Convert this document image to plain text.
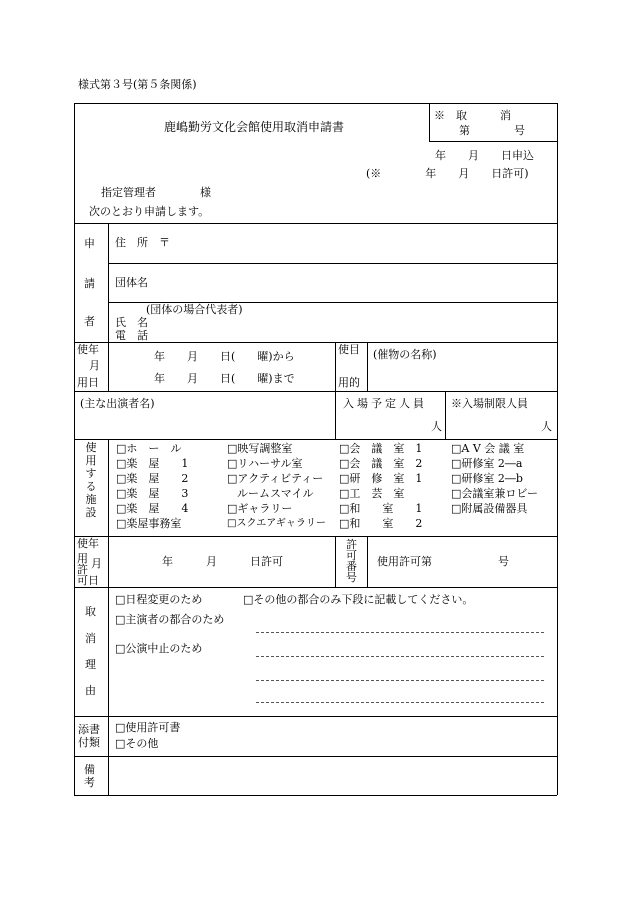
様式第３号(第５条関係)
鹿嶋勤労文化会館使用取消申請書
※　取　　　消
第　　　　号
年　　月　　日申込
(※　　　　年　　月　　日許可)
指定管理者　　　　様
次のとおり申請します。
申
請
者
住　所　〒
団体名
(団体の場合代表者)
氏　名
電　話
使年
月
用日
年　　月　　日(　　曜)から
年　　月　　日(　　曜)まで
使目
用的
(催物の名称)
(主な出演者名)	入場予定人員
人
※入場制限人員
人
使用する施設
□ホ　ー　ル
□楽　屋　　1
□楽　屋　　2
□楽　屋　　3
□楽　屋　　4
□楽屋事務室
□映写調整室
□リハーサル室
□アクティビティー
ルームスマイル
□ギャラリー
□スクエアギャラリー
□会　議　室　1
□会　議　室　2
□研　修　室　1
□工　芸　室
□和　　室　　1
□和　　室　　2
□A V 会 議 室
□研修室 2―a
□研修室 2―b
□会議室兼ロビー
□附属設備器具
使年
用 月
許
可日
年　　　月　　　日許可
許
可
番
号
使用許可第　　　　　　号
取
消
理
由
□日程変更のため
□主演者の都合のため
□公演中止のため
□その他の都合のみ下段に記載してください。
添書
付類
□使用許可書
□その他
備
考
